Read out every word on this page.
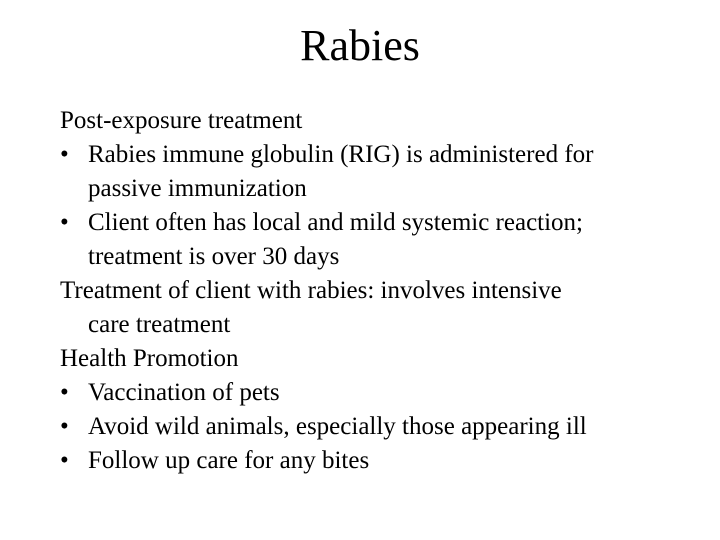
Rabies
Post-exposure treatment
• Rabies immune globulin (RIG) is administered for
passive immunization
• Client often has local and mild systemic reaction;
treatment is over 30 days
Treatment of client with rabies: involves intensive
care treatment
Health Promotion
• Vaccination of pets
• Avoid wild animals, especially those appearing ill
• Follow up care for any bites
